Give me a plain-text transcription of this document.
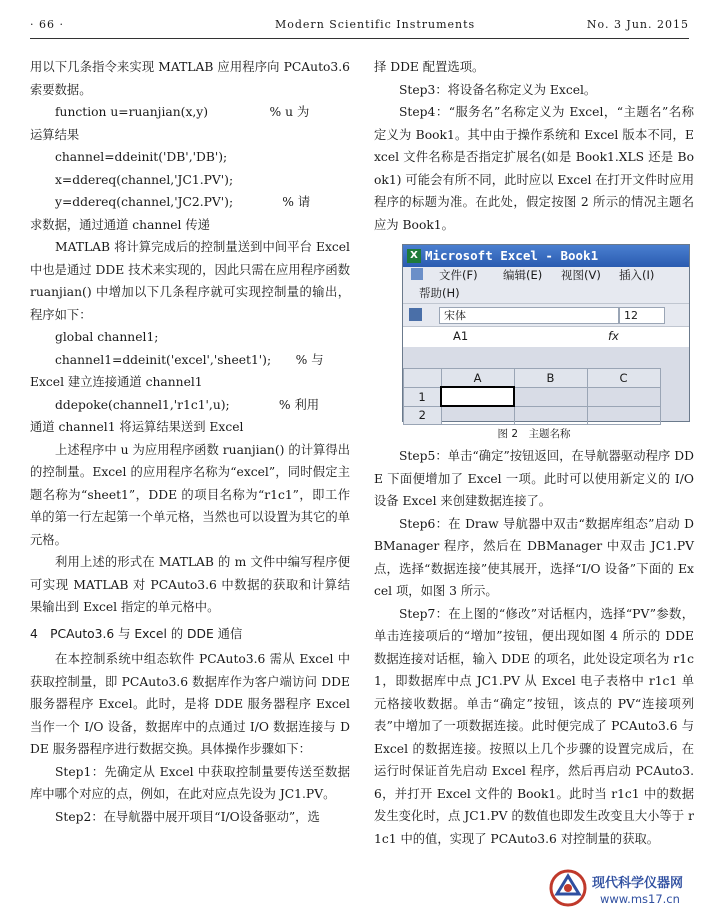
· 66 ·	Modern Scientific Instruments	No. 3 Jun. 2015

用以下几条指令来实现 MATLAB 应用程序向 PCAuto3.6 索要数据。

function u=ruanjian(x,y)　　　　　% u 为

运算结果

channel=ddeinit('DB','DB');

x=ddereq(channel,'JC1.PV');

y=ddereq(channel,'JC2.PV');　　　　% 请

求数据，通过通道 channel 传递

MATLAB 将计算完成后的控制量送到中间平台 Excel 中也是通过 DDE 技术来实现的，因此只需在应用程序函数 ruanjian() 中增加以下几条程序就可实现控制量的输出，程序如下：

global channel1;

channel1=ddeinit('excel','sheet1');　　% 与

Excel 建立连接通道 channel1

ddepoke(channel1,'r1c1',u);　　　　% 利用

通道 channel1 将运算结果送到 Excel

上述程序中 u 为应用程序函数 ruanjian() 的计算得出的控制量。Excel 的应用程序名称为“excel”，同时假定主题名称为“sheet1”，DDE 的项目名称为“r1c1”，即工作单的第一行左起第一个单元格，当然也可以设置为其它的单元格。

利用上述的形式在 MATLAB 的 m 文件中编写程序便可实现 MATLAB 对 PCAuto3.6 中数据的获取和计算结果输出到 Excel 指定的单元格中。

4　PCAuto3.6 与 Excel 的 DDE 通信

在本控制系统中组态软件 PCAuto3.6 需从 Excel 中获取控制量，即 PCAuto3.6 数据库作为客户端访问 DDE 服务器程序 Excel。此时，是将 DDE 服务器程序 Excel 当作一个 I/O 设备，数据库中的点通过 I/O 数据连接与 DDE 服务器程序进行数据交换。具体操作步骤如下：

Step1：先确定从 Excel 中获取控制量要传送至数据库中哪个对应的点，例如，在此对应点先设为 JC1.PV。

Step2：在导航器中展开项目“I/O设备驱动”，选

择 DDE 配置选项。

Step3：将设备名称定义为 Excel。

Step4：“服务名”名称定义为 Excel，“主题名”名称定义为 Book1。其中由于操作系统和 Excel 版本不同，Excel 文件名称是否指定扩展名(如是 Book1.XLS 还是 Book1) 可能会有所不同，此时应以 Excel 在打开文件时应用程序的标题为准。在此处，假定按图 2 所示的情况主题名应为 Book1。

X Microsoft Excel - Book1
文件(F) 编辑(E) 视图(V) 插入(I)
帮助(H)
宋体	12
A1	fx
	A	B	C
1			
2			
图 2　主题名称

Step5：单击“确定”按钮返回，在导航器驱动程序 DDE 下面便增加了 Excel 一项。此时可以使用新定义的 I/O 设备 Excel 来创建数据连接了。

Step6：在 Draw 导航器中双击“数据库组态”启动 DBManager 程序，然后在 DBManager 中双击 JC1.PV 点，选择“数据连接”使其展开，选择“I/O 设备”下面的 Excel 项，如图 3 所示。

Step7：在上图的“修改”对话框内，选择“PV”参数，单击连接项后的“增加”按钮，便出现如图 4 所示的 DDE 数据连接对话框，输入 DDE 的项名，此处设定项名为 r1c1，即数据库中点 JC1.PV 从 Excel 电子表格中 r1c1 单元格接收数据。单击“确定”按钮，该点的 PV“连接项列表”中增加了一项数据连接。此时便完成了 PCAuto3.6 与 Excel 的数据连接。按照以上几个步骤的设置完成后，在运行时保证首先启动 Excel 程序，然后再启动 PCAuto3.6，并打开 Excel 文件的 Book1。此时当 r1c1 中的数据发生变化时，点 JC1.PV 的数值也即发生改变且大小等于 r1c1 中的值，实现了 PCAuto3.6 对控制量的获取。

现代科学仪器网
www.ms17.cn
